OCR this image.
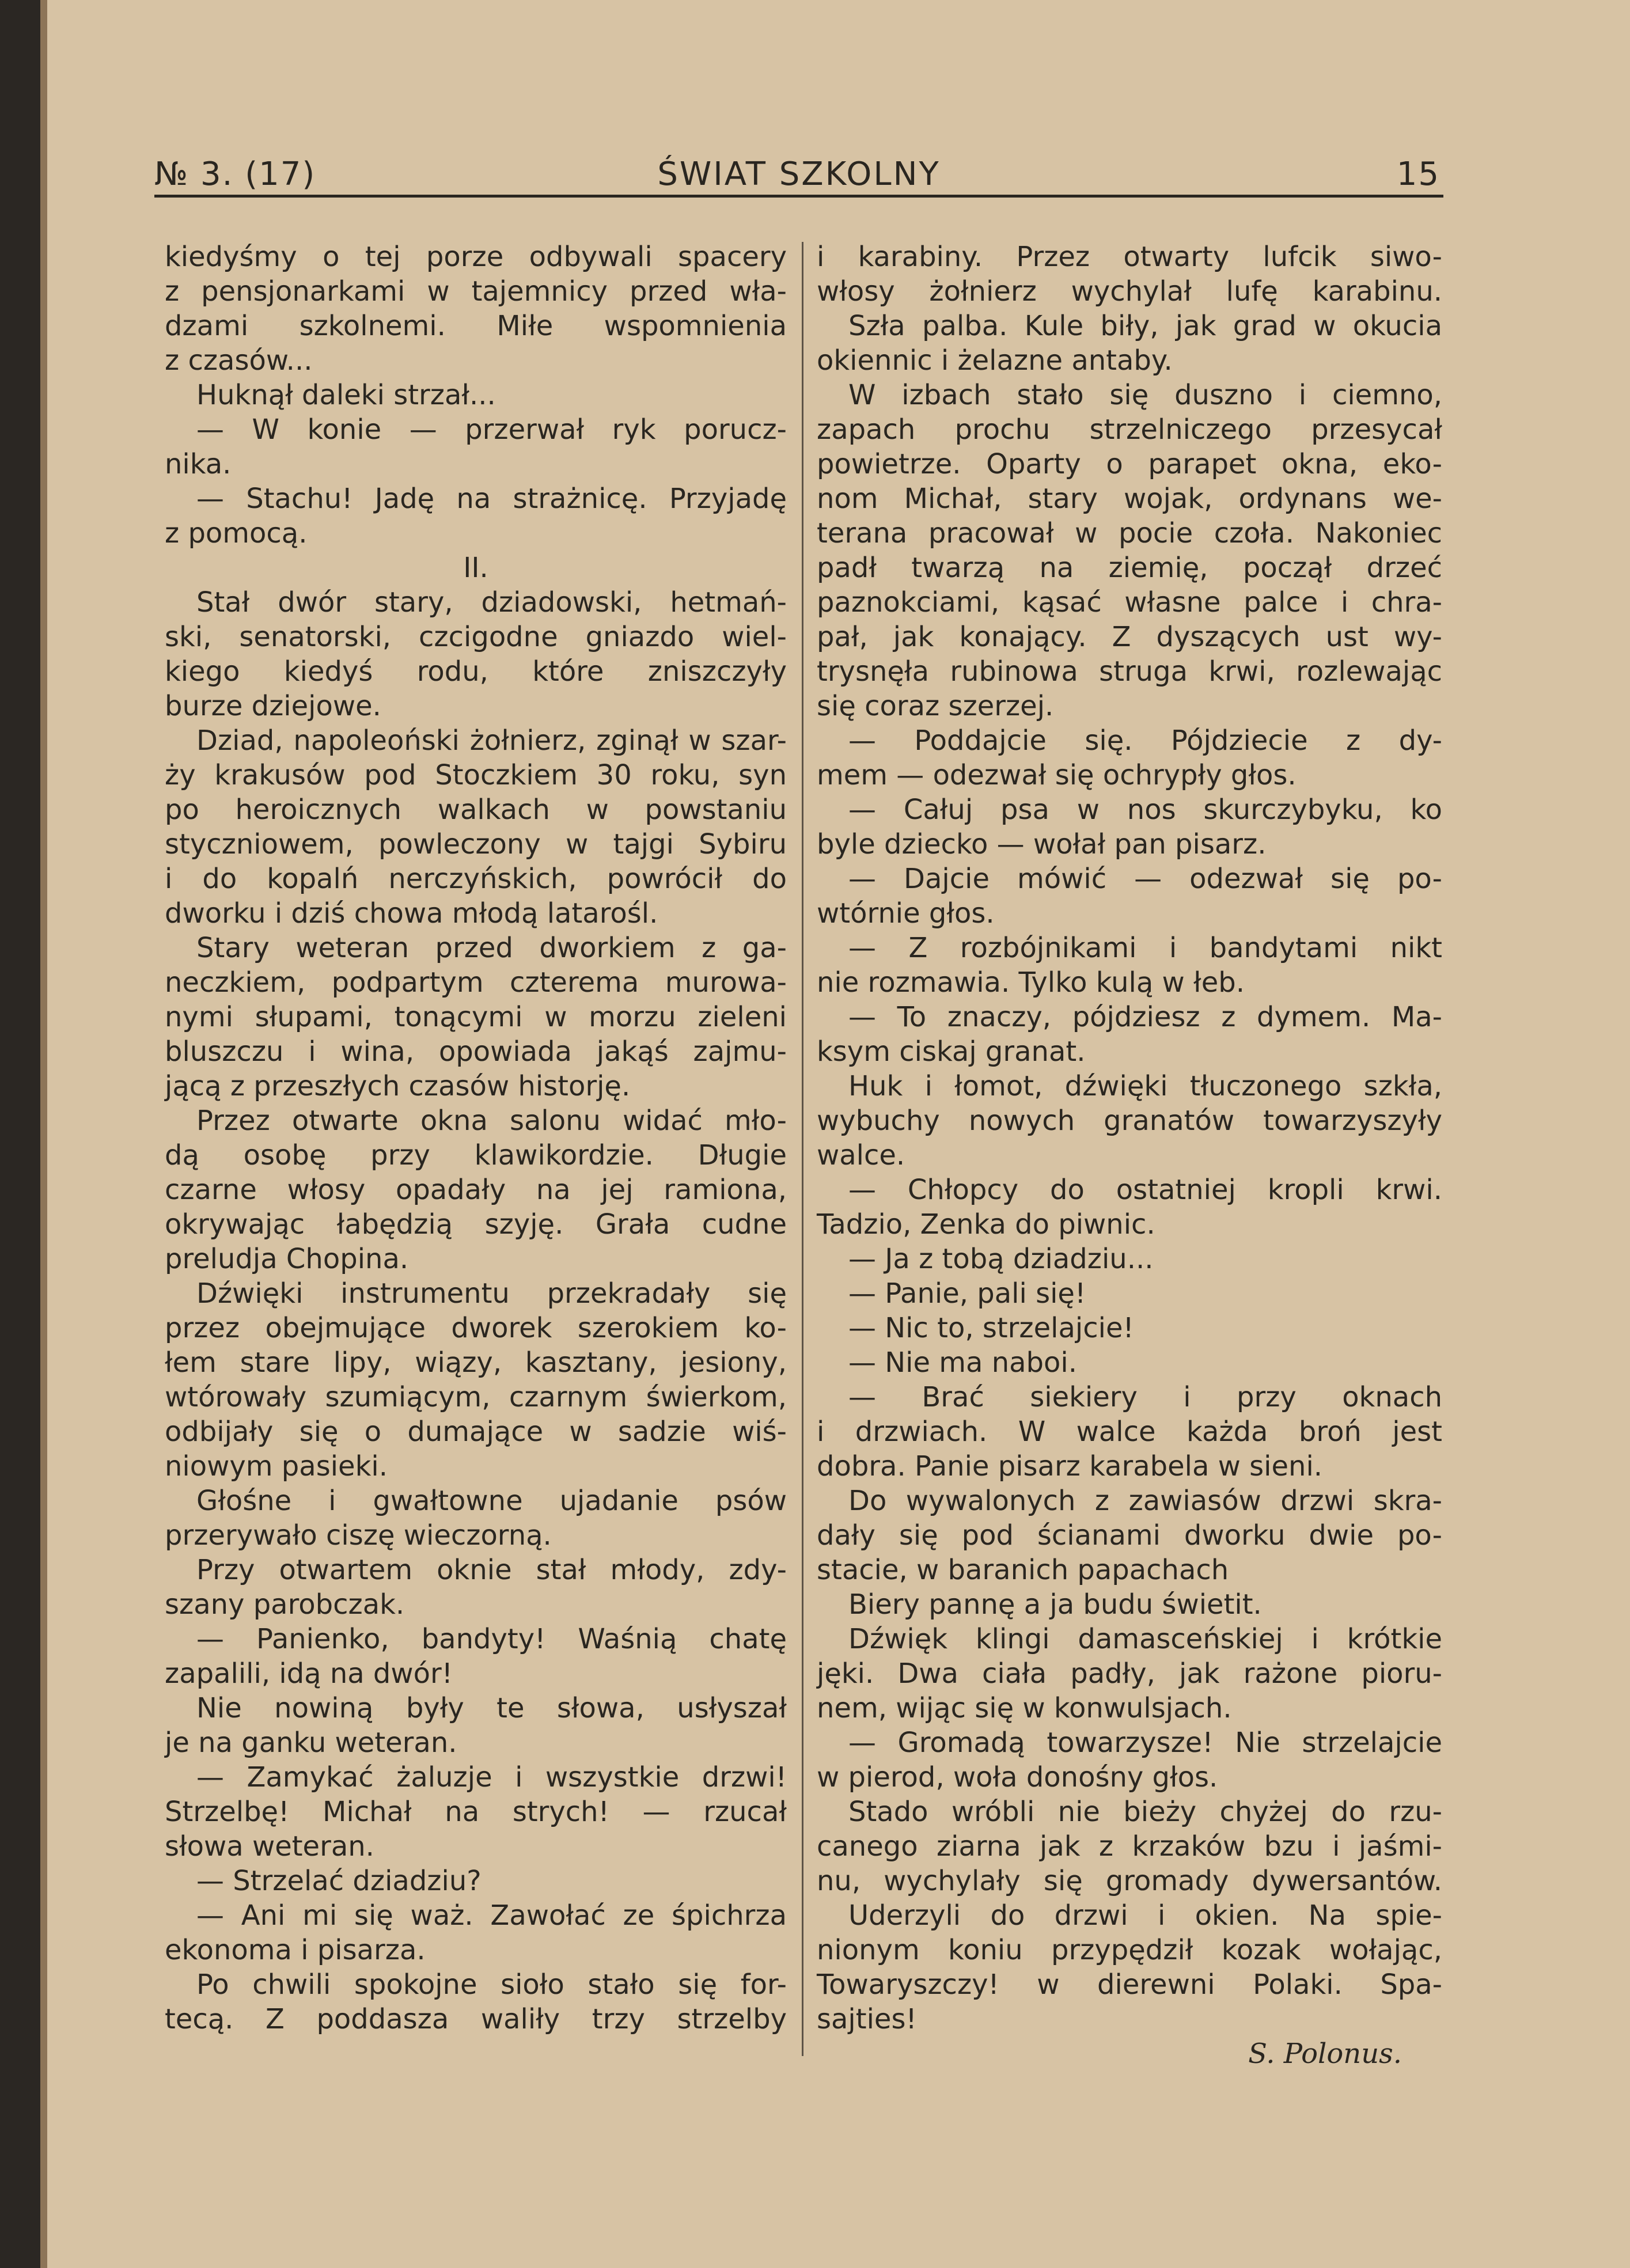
№ 3. (17)	ŚWIAT SZKOLNY	15
kiedyśmy o tej porze odbywali spacery
z pensjonarkami w tajemnicy przed wła-
dzami szkolnemi. Miłe wspomnienia
z czasów...
Huknął daleki strzał...
— W konie — przerwał ryk porucz-
nika.
— Stachu! Jadę na strażnicę. Przyjadę
z pomocą.
II.
Stał dwór stary, dziadowski, hetmań-
ski, senatorski, czcigodne gniazdo wiel-
kiego kiedyś rodu, które zniszczyły
burze dziejowe.
Dziad, napoleoński żołnierz, zginął w szar-
ży krakusów pod Stoczkiem 30 roku, syn
po heroicznych walkach w powstaniu
styczniowem, powleczony w tajgi Sybiru
i do kopalń nerczyńskich, powrócił do
dworku i dziś chowa młodą latarośl.
Stary weteran przed dworkiem z ga-
neczkiem, podpartym czterema murowa-
nymi słupami, tonącymi w morzu zieleni
bluszczu i wina, opowiada jakąś zajmu-
jącą z przeszłych czasów historję.
Przez otwarte okna salonu widać mło-
dą osobę przy klawikordzie. Długie
czarne włosy opadały na jej ramiona,
okrywając łabędzią szyję. Grała cudne
preludja Chopina.
Dźwięki instrumentu przekradały się
przez obejmujące dworek szerokiem ko-
łem stare lipy, wiązy, kasztany, jesiony,
wtórowały szumiącym, czarnym świerkom,
odbijały się o dumające w sadzie wiś-
niowym pasieki.
Głośne i gwałtowne ujadanie psów
przerywało ciszę wieczorną.
Przy otwartem oknie stał młody, zdy-
szany parobczak.
— Panienko, bandyty! Waśnią chatę
zapalili, idą na dwór!
Nie nowiną były te słowa, usłyszał
je na ganku weteran.
— Zamykać żaluzje i wszystkie drzwi!
Strzelbę! Michał na strych! — rzucał
słowa weteran.
— Strzelać dziadziu?
— Ani mi się waż. Zawołać ze śpichrza
ekonoma i pisarza.
Po chwili spokojne sioło stało się for-
tecą. Z poddasza waliły trzy strzelby
i karabiny. Przez otwarty lufcik siwo-
włosy żołnierz wychylał lufę karabinu.
Szła palba. Kule biły, jak grad w okucia
okiennic i żelazne antaby.
W izbach stało się duszno i ciemno,
zapach prochu strzelniczego przesycał
powietrze. Oparty o parapet okna, eko-
nom Michał, stary wojak, ordynans we-
terana pracował w pocie czoła. Nakoniec
padł twarzą na ziemię, począł drzeć
paznokciami, kąsać własne palce i chra-
pał, jak konający. Z dyszących ust wy-
trysnęła rubinowa struga krwi, rozlewając
się coraz szerzej.
— Poddajcie się. Pójdziecie z dy-
mem — odezwał się ochrypły głos.
— Całuj psa w nos skurczybyku, ko
byle dziecko — wołał pan pisarz.
— Dajcie mówić — odezwał się po-
wtórnie głos.
— Z rozbójnikami i bandytami nikt
nie rozmawia. Tylko kulą w łeb.
— To znaczy, pójdziesz z dymem. Ma-
ksym ciskaj granat.
Huk i łomot, dźwięki tłuczonego szkła,
wybuchy nowych granatów towarzyszyły
walce.
— Chłopcy do ostatniej kropli krwi.
Tadzio, Zenka do piwnic.
— Ja z tobą dziadziu...
— Panie, pali się!
— Nic to, strzelajcie!
— Nie ma naboi.
— Brać siekiery i przy oknach
i drzwiach. W walce każda broń jest
dobra. Panie pisarz karabela w sieni.
Do wywalonych z zawiasów drzwi skra-
dały się pod ścianami dworku dwie po-
stacie, w baranich papachach
Biery pannę a ja budu świetit.
Dźwięk klingi damasceńskiej i krótkie
jęki. Dwa ciała padły, jak rażone pioru-
nem, wijąc się w konwulsjach.
— Gromadą towarzysze! Nie strzelajcie
w pierod, woła donośny głos.
Stado wróbli nie bieży chyżej do rzu-
canego ziarna jak z krzaków bzu i jaśmi-
nu, wychylały się gromady dywersantów.
Uderzyli do drzwi i okien. Na spie-
nionym koniu przypędził kozak wołając,
Towaryszczy! w dierewni Polaki. Spa-
sajties!
S. Polonus.
